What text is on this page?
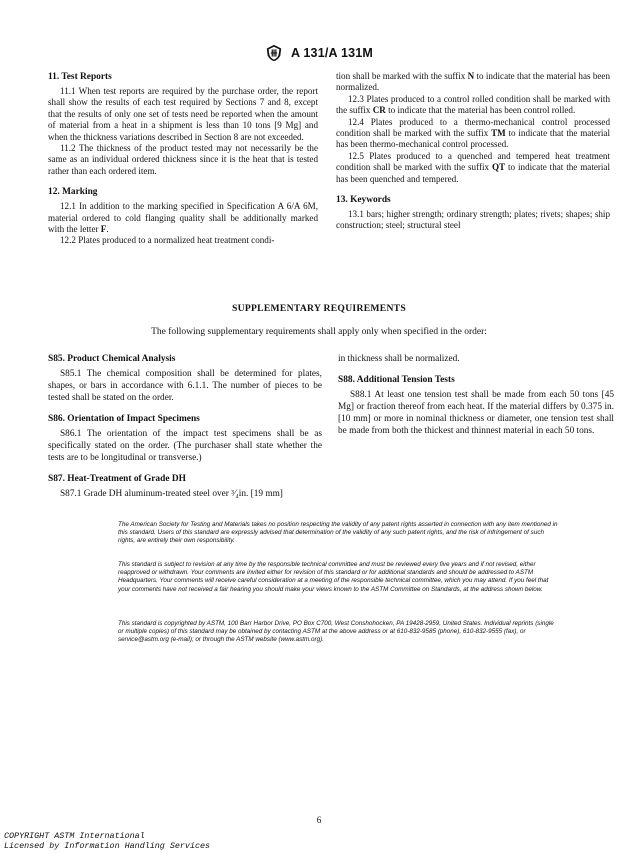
A 131/A 131M
11. Test Reports

11.1 When test reports are required by the purchase order, the report shall show the results of each test required by Sections 7 and 8, except that the results of only one set of tests need be reported when the amount of material from a heat in a shipment is less than 10 tons [9 Mg] and when the thickness variations described in Section 8 are not exceeded.

11.2 The thickness of the product tested may not necessarily be the same as an individual ordered thickness since it is the heat that is tested rather than each ordered item.

12. Marking

12.1 In addition to the marking specified in Specification A 6/A 6M, material ordered to cold flanging quality shall be additionally marked with the letter F.

12.2 Plates produced to a normalized heat treatment condi-

tion shall be marked with the suffix N to indicate that the material has been normalized.

12.3 Plates produced to a control rolled condition shall be marked with the suffix CR to indicate that the material has been control rolled.

12.4 Plates produced to a thermo-mechanical control processed condition shall be marked with the suffix TM to indicate that the material has been thermo-mechanical control processed.

12.5 Plates produced to a quenched and tempered heat treatment condition shall be marked with the suffix QT to indicate that the material has been quenched and tempered.

13. Keywords

13.1 bars; higher strength; ordinary strength; plates; rivets; shapes; ship construction; steel; structural steel

SUPPLEMENTARY REQUIREMENTS
The following supplementary requirements shall apply only when specified in the order:
S85. Product Chemical Analysis

S85.1 The chemical composition shall be determined for plates, shapes, or bars in accordance with 6.1.1. The number of pieces to be tested shall be stated on the order.

S86. Orientation of Impact Specimens

S86.1 The orientation of the impact test specimens shall be as specifically stated on the order. (The purchaser shall state whether the tests are to be longitudinal or transverse.)

S87. Heat-Treatment of Grade DH

S87.1 Grade DH aluminum-treated steel over ³⁄₄in. [19 mm]

in thickness shall be normalized.

S88. Additional Tension Tests

S88.1 At least one tension test shall be made from each 50 tons [45 Mg] or fraction thereof from each heat. If the material differs by 0.375 in. [10 mm] or more in nominal thickness or diameter, one tension test shall be made from both the thickest and thinnest material in each 50 tons.

The American Society for Testing and Materials takes no position respecting the validity of any patent rights asserted in connection with any item mentioned in this standard. Users of this standard are expressly advised that determination of the validity of any such patent rights, and the risk of infringement of such rights, are entirely their own responsibility.
This standard is subject to revision at any time by the responsible technical committee and must be reviewed every five years and if not revised, either reapproved or withdrawn. Your comments are invited either for revision of this standard or for additional standards and should be addressed to ASTM Headquarters. Your comments will receive careful consideration at a meeting of the responsible technical committee, which you may attend. If you feel that your comments have not received a fair hearing you should make your views known to the ASTM Committee on Standards, at the address shown below.
This standard is copyrighted by ASTM, 100 Barr Harbor Drive, PO Box C700, West Conshohocken, PA 19428-2959, United States. Individual reprints (single or multiple copies) of this standard may be obtained by contacting ASTM at the above address or at 610-832-9585 (phone), 610-832-9555 (fax), or service@astm.org (e-mail); or through the ASTM website (www.astm.org).
6
COPYRIGHT ASTM International
Licensed by Information Handling Services
